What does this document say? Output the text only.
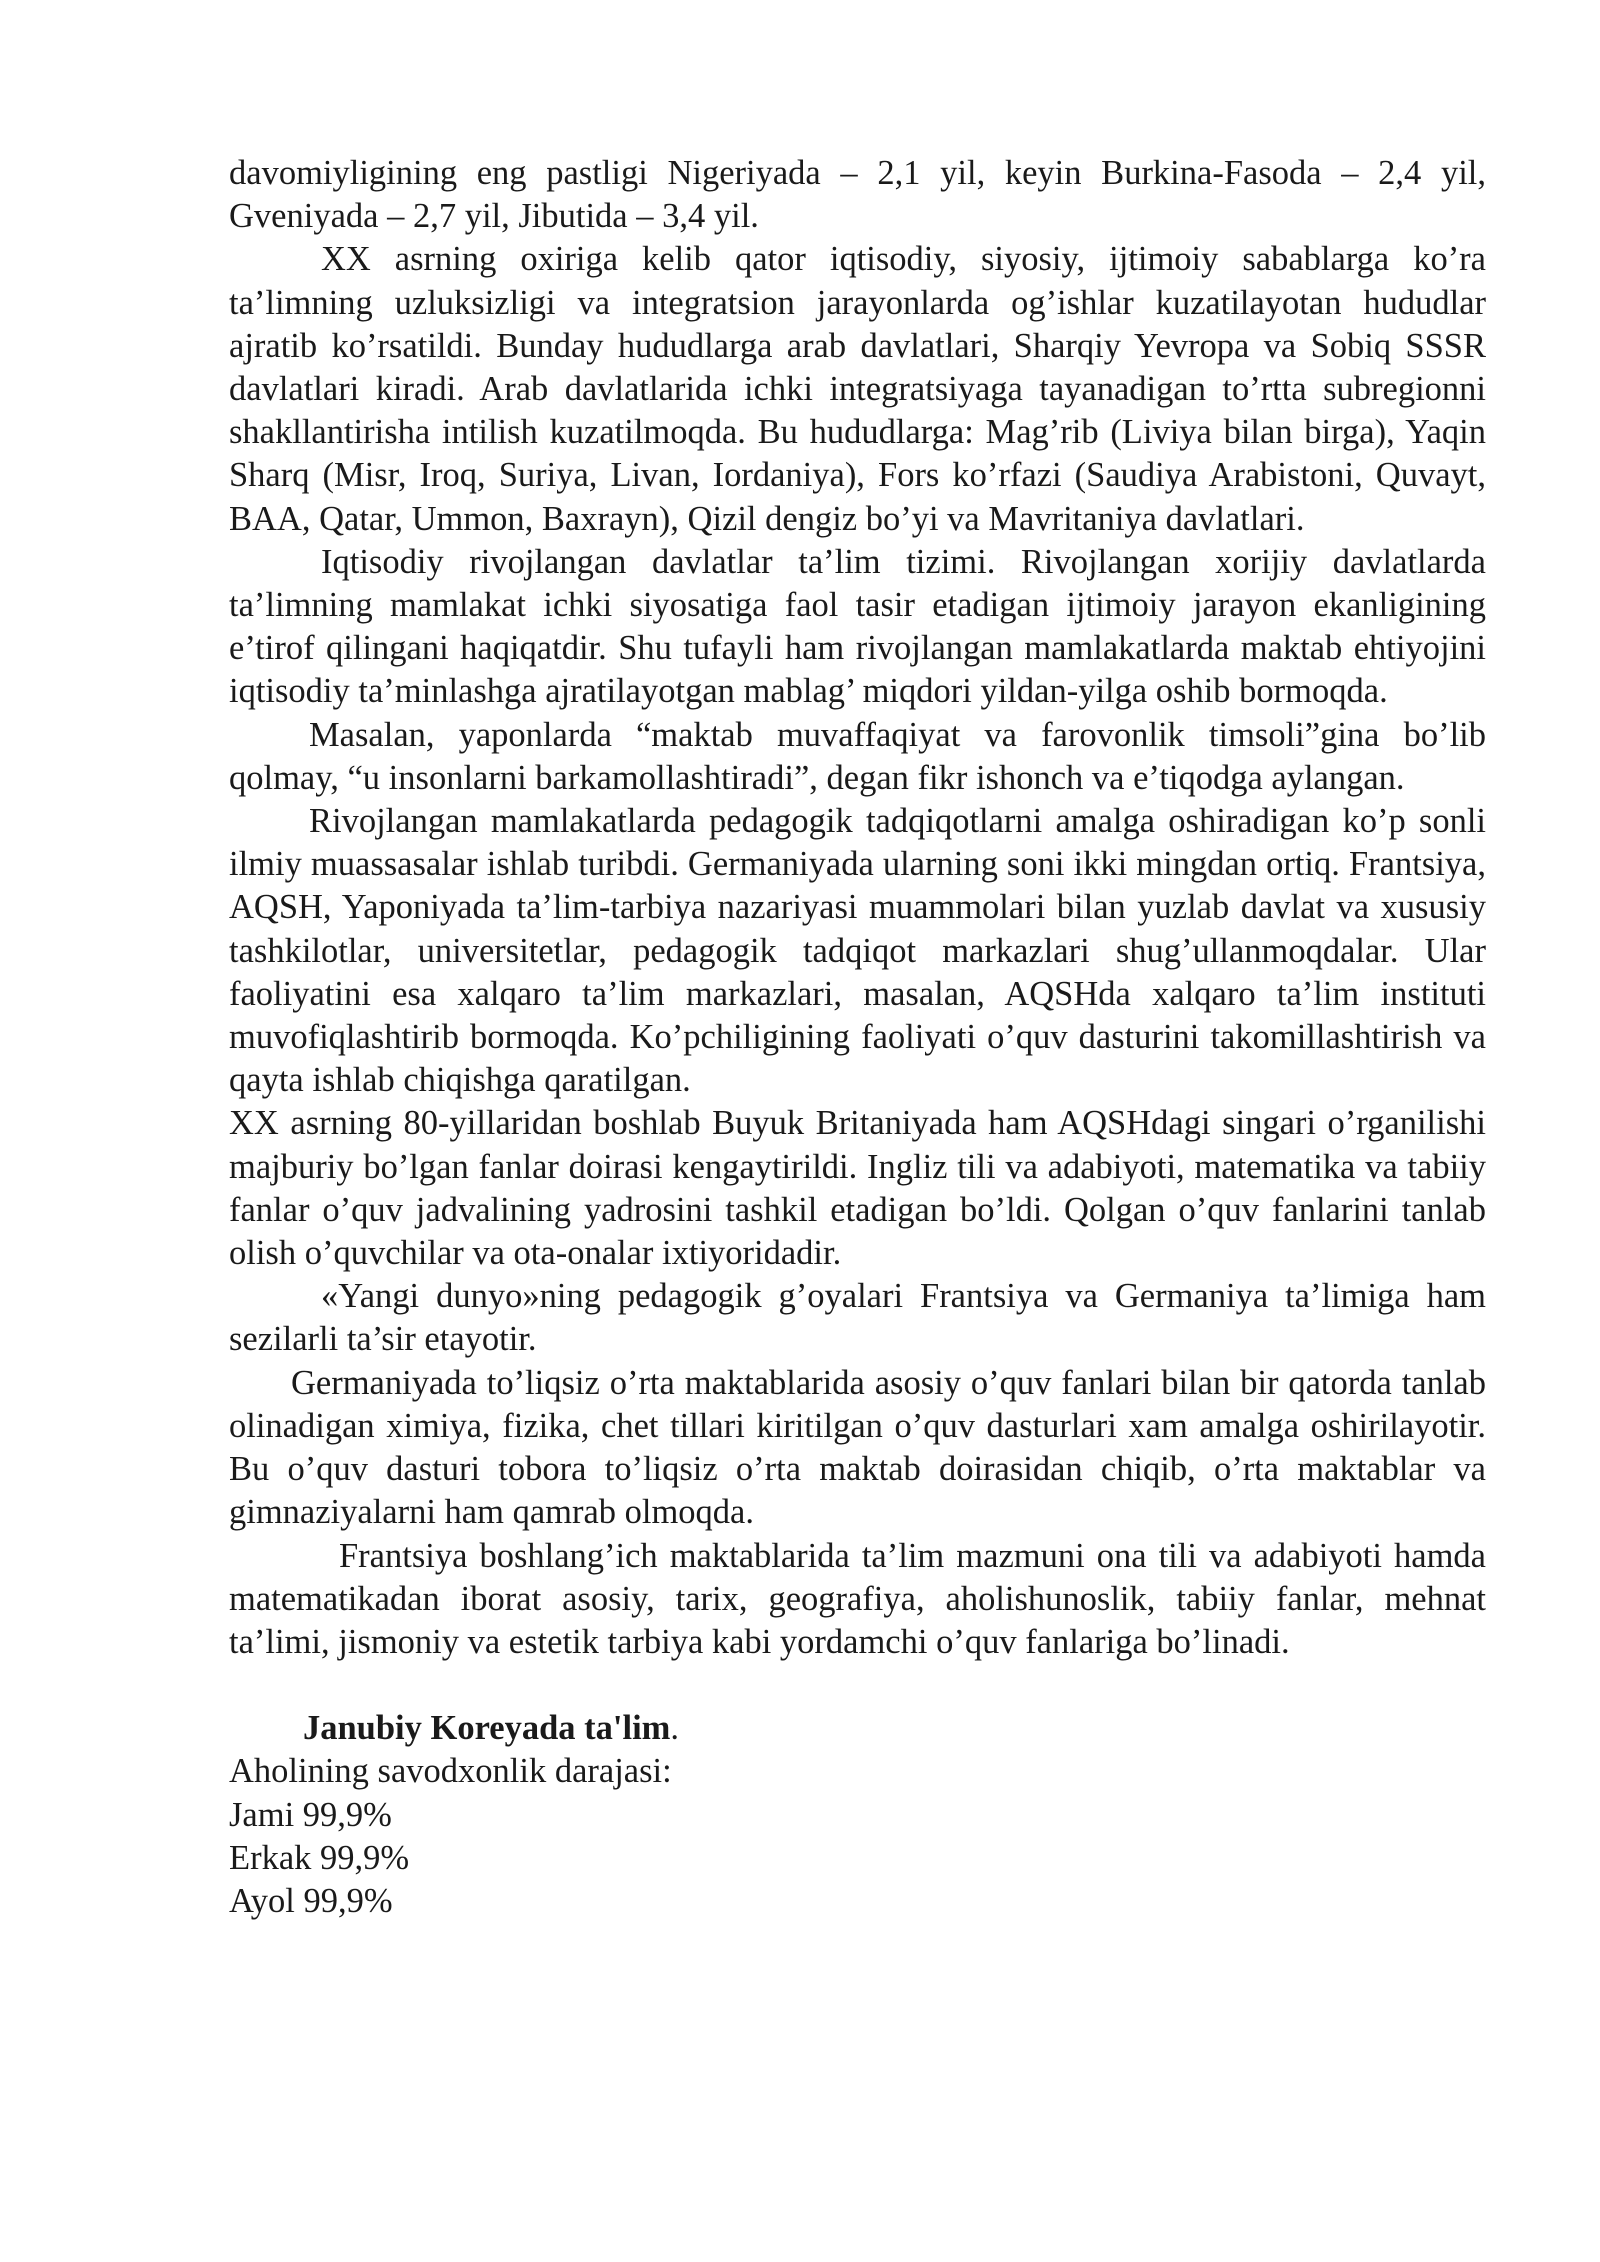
davomiyligining eng pastligi Nigeriyada – 2,1 yil, keyin Burkina-Fasoda – 2,4 yil, Gveniyada – 2,7 yil, Jibutida – 3,4 yil.

XX asrning oxiriga kelib qator iqtisodiy, siyosiy, ijtimoiy sabablarga ko’ra ta’limning uzluksizligi va integratsion jarayonlarda og’ishlar kuzatilayotan hududlar ajratib ko’rsatildi. Bunday hududlarga arab davlatlari, Sharqiy Yevropa va Sobiq SSSR davlatlari kiradi. Arab davlatlarida ichki integratsiyaga tayanadigan to’rtta subregionni shakllantirisha intilish kuzatilmoqda. Bu hududlarga: Mag’rib (Liviya bilan birga), Yaqin Sharq (Misr, Iroq, Suriya, Livan, Iordaniya), Fors ko’rfazi (Saudiya Arabistoni, Quvayt, BAA, Qatar, Ummon, Baxrayn), Qizil dengiz bo’yi va Mavritaniya davlatlari.

Iqtisodiy rivojlangan davlatlar ta’lim tizimi. Rivojlangan xorijiy davlatlarda ta’limning mamlakat ichki siyosatiga faol tasir etadigan ijtimoiy jarayon ekanligining e’tirof qilingani haqiqatdir. Shu tufayli ham rivojlangan mamlakatlarda maktab ehtiyojini iqtisodiy ta’minlashga ajratilayotgan mablag’ miqdori yildan-yilga oshib bormoqda.

Masalan, yaponlarda “maktab muvaffaqiyat va farovonlik timsoli”gina bo’lib qolmay, “u insonlarni barkamollashtiradi”, degan fikr ishonch va e’tiqodga aylangan.

Rivojlangan mamlakatlarda pedagogik tadqiqotlarni amalga oshiradigan ko’p sonli ilmiy muassasalar ishlab turibdi. Germaniyada ularning soni ikki mingdan ortiq. Frantsiya, AQSH, Yaponiyada ta’lim-tarbiya nazariyasi muammolari bilan yuzlab davlat va xususiy tashkilotlar, universitetlar, pedagogik tadqiqot markazlari shug’ullanmoqdalar. Ular faoliyatini esa xalqaro ta’lim markazlari, masalan, AQSHda xalqaro ta’lim instituti muvofiqlashtirib bormoqda. Ko’pchiligining faoliyati o’quv dasturini takomillashtirish va qayta ishlab chiqishga qaratilgan.

XX asrning 80-yillaridan boshlab Buyuk Britaniyada ham AQSHdagi singari o’rganilishi majburiy bo’lgan fanlar doirasi kengaytirildi. Ingliz tili va adabiyoti, matematika va tabiiy fanlar o’quv jadvalining yadrosini tashkil etadigan bo’ldi. Qolgan o’quv fanlarini tanlab olish o’quvchilar va ota-onalar ixtiyoridadir.

«Yangi dunyo»ning pedagogik g’oyalari Frantsiya va Germaniya ta’limiga ham sezilarli ta’sir etayotir.

Germaniyada to’liqsiz o’rta maktablarida asosiy o’quv fanlari bilan bir qatorda tanlab olinadigan ximiya, fizika, chet tillari kiritilgan o’quv dasturlari xam amalga oshirilayotir. Bu o’quv dasturi tobora to’liqsiz o’rta maktab doirasidan chiqib, o’rta maktablar va gimnaziyalarni ham qamrab olmoqda.

Frantsiya boshlang’ich maktablarida ta’lim mazmuni ona tili va adabiyoti hamda matematikadan iborat asosiy, tarix, geografiya, aholishunoslik, tabiiy fanlar, mehnat ta’limi, jismoniy va estetik tarbiya kabi yordamchi o’quv fanlariga bo’linadi.

Janubiy Koreyada ta'lim.

Aholining savodxonlik darajasi:

Jami 99,9%

Erkak 99,9%

Ayol 99,9%
